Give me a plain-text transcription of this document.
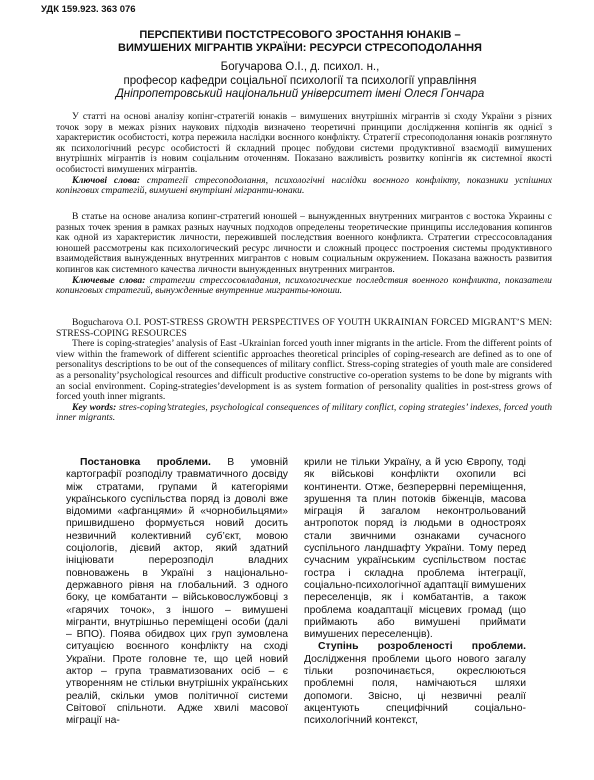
УДК 159.923. 363 076
ПЕРСПЕКТИВИ ПОСТСТРЕСОВОГО ЗРОСТАННЯ ЮНАКІВ –
ВИМУШЕНИХ МІГРАНТІВ УКРАЇНИ: РЕСУРСИ СТРЕСОПОДОЛАННЯ
Богучарова О.І., д. психол. н.,
професор кафедри соціальної психології та психології управління
Дніпропетровський національний університет імені Олеся Гончара

У статті на основі аналізу копінг-стратегій юнаків – вимушених внутрішніх мігрантів зі сходу України з різних точок зору в межах різних наукових підходів визначено теоретичні принципи дослідження копінгів як однієї з характеристик особистості, котра пережила наслідки воєнного конфлікту. Стратегії стресоподолання юнаків розглянуто як психологічний ресурс особистості й складний процес побудови системи продуктивної взаємодії вимушених внутрішніх мігрантів із новим соціальним оточенням. Показано важливість розвитку копінгів як системної якості особистості вимушених мігрантів.

Ключові слова: стратегії стресоподолання, психологічні наслідки воєнного конфлікту, показники успішних копінгових стратегій, вимушені внутрішні мігранти-юнаки.

В статье на основе анализа копинг-стратегий юношей – вынужденных внутренних мигрантов с востока Украины с разных точек зрения в рамках разных научных подходов определены теоретические принципы исследования копингов как одной из характеристик личности, пережившей последствия военного конфликта. Стратегии стрессосовладания юношей рассмотрены как психологический ресурс личности и сложный процесс построения системы продуктивного взаимодействия вынужденных внутренних мигрантов с новым социальным окружением. Показана важность развития копингов как системного качества личности вынужденных внутренних мигрантов.

Ключевые слова: стратегии стрессосовладания, психологические последствия военного конфликта, показатели копинговых стратегий, вынужденные внутренние мигранты-юноши.

Bogucharova O.I. POST-STRESS GROWTH PERSPECTIVES OF YOUTH UKRAINIAN FORCED MIGRANT’S MEN: STRESS-COPING RESOURCES

There is coping-strategies’ analysis of East -Ukrainian forced youth inner migrants in the article. From the different points of view within the framework of different scientific approaches theoretical principles of coping-research are defined as to one of personalitys descriptions to be out of the consequences of military conflict. Stress-coping strategies of youth male are considered as a personality’psychological resources and difficult productive constructive co-operation systems to be done by migrants with an social environment. Coping-strategies’development is as system formation of personality qualities in post-stress grows of forced youth inner migrants.

Key words: stres-coping’strategies, psychological consequences of military conflict, coping strategies’ indexes, forced youth inner migrants.

Постановка проблеми. В умовній картографії розподілу травматичного досвіду між стратами, групами й категоріями українського суспільства поряд із доволі вже відомими «афганцями» й «чорнобильцями» пришвидшено формується новий досить незвичний колективний суб’єкт, мовою соціологів, дієвий актор, який здатний ініціювати перерозподіл владних повноважень в Україні з національно-державного рівня на глобальний. З одного боку, це комбатанти – військовослужбовці з «гарячих точок», з іншого – вимушені мігранти, внутрішньо переміщені особи (далі – ВПО). Поява обидвох цих груп зумовлена ситуацією воєнного конфлікту на сході України. Проте головне те, що цей новий актор – група травматизованих осіб – є утворенням не стільки внутрішніх українських реалій, скільки умов політичної системи Світової спільноти. Адже хвилі масової міграції на-

крили не тільки Україну, а й усю Європу, тоді як військові конфлікти охопили всі континенти. Отже, безперервні переміщення, зрушення та плин потоків біженців, масова міграція й загалом неконтрольований антропоток поряд із людьми в одностроях стали звичними ознаками сучасного суспільного ландшафту України. Тому перед сучасним українським суспільством постає гостра і складна проблема інтеграції, соціально-психологічної адаптації вимушених переселенців, як і комбатантів, а також проблема коадаптації місцевих громад (що приймають або вимушені приймати вимушених переселенців).

Ступінь розробленості проблеми. Дослідження проблеми цього нового загалу тільки розпочинається, окреслюються проблемні поля, намічаються шляхи допомоги. Звісно, ці незвичні реалії акцентують специфічний соціально-психологічний контекст,
